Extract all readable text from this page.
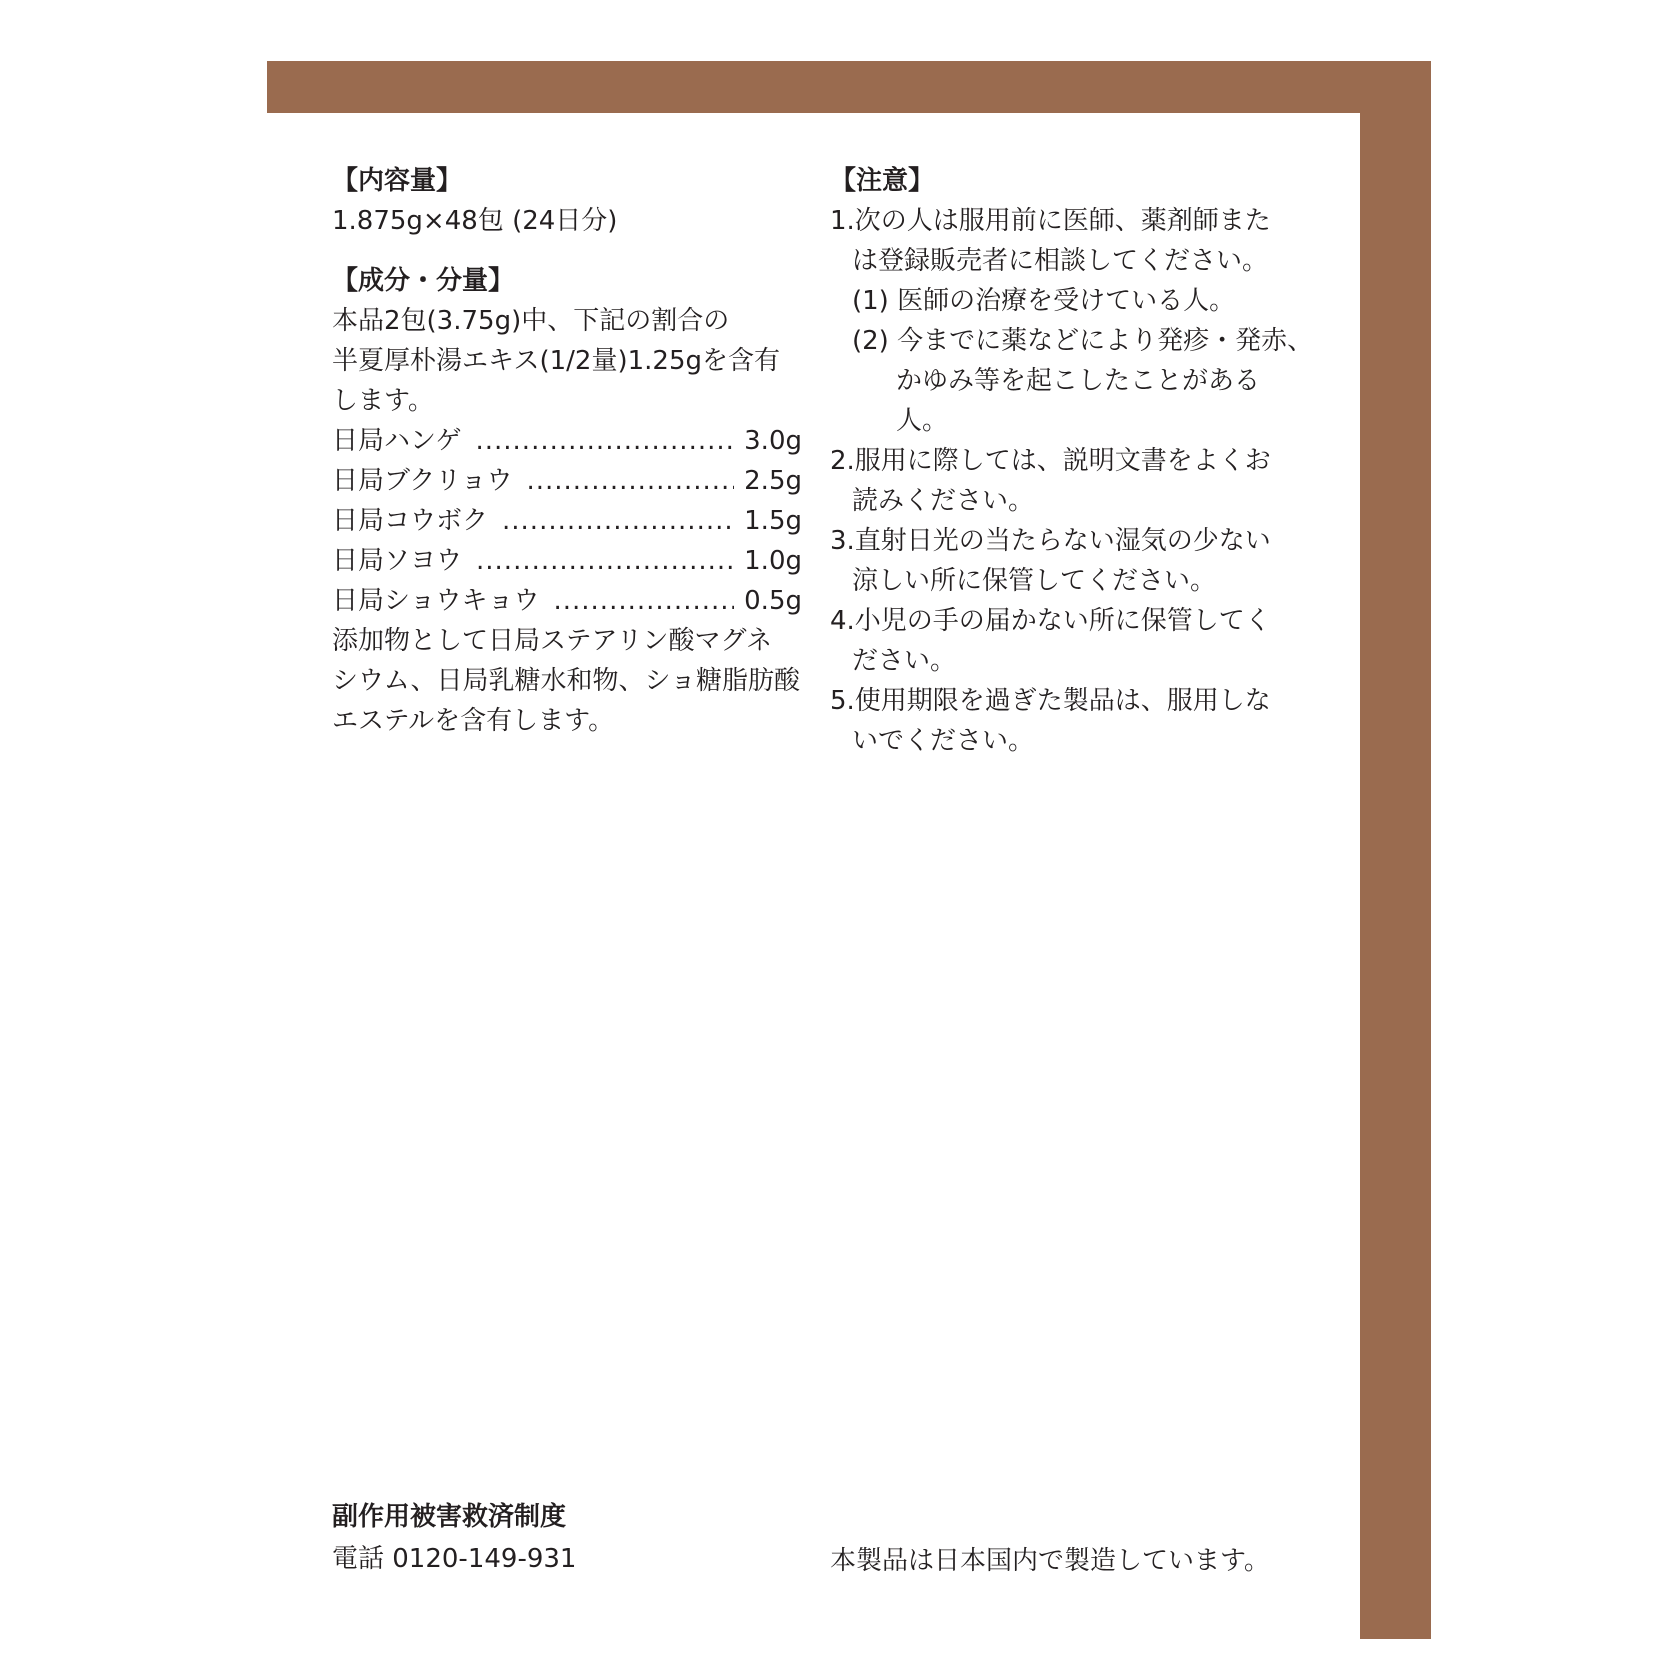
【内容量】
1.875g×48包 (24日分)
【成分・分量】
本品2包(3.75g)中、下記の割合の
半夏厚朴湯エキス(1/2量)1.25gを含有
します。
日局ハンゲ .....	3.0g
日局ブクリョウ .....	2.5g
日局コウボク .....	1.5g
日局ソヨウ .....	1.0g
日局ショウキョウ .....	0.5g
添加物として日局ステアリン酸マグネ
シウム、日局乳糖水和物、ショ糖脂肪酸
エステルを含有します。
【注意】
1.次の人は服用前に医師、薬剤師また
は登録販売者に相談してください。
(1) 医師の治療を受けている人。
(2) 今までに薬などにより発疹・発赤、
かゆみ等を起こしたことがある
人。
2.服用に際しては、説明文書をよくお
読みください。
3.直射日光の当たらない湿気の少ない
涼しい所に保管してください。
4.小児の手の届かない所に保管してく
ださい。
5.使用期限を過ぎた製品は、服用しな
いでください。
副作用被害救済制度
電話 0120-149-931	本製品は日本国内で製造しています。
